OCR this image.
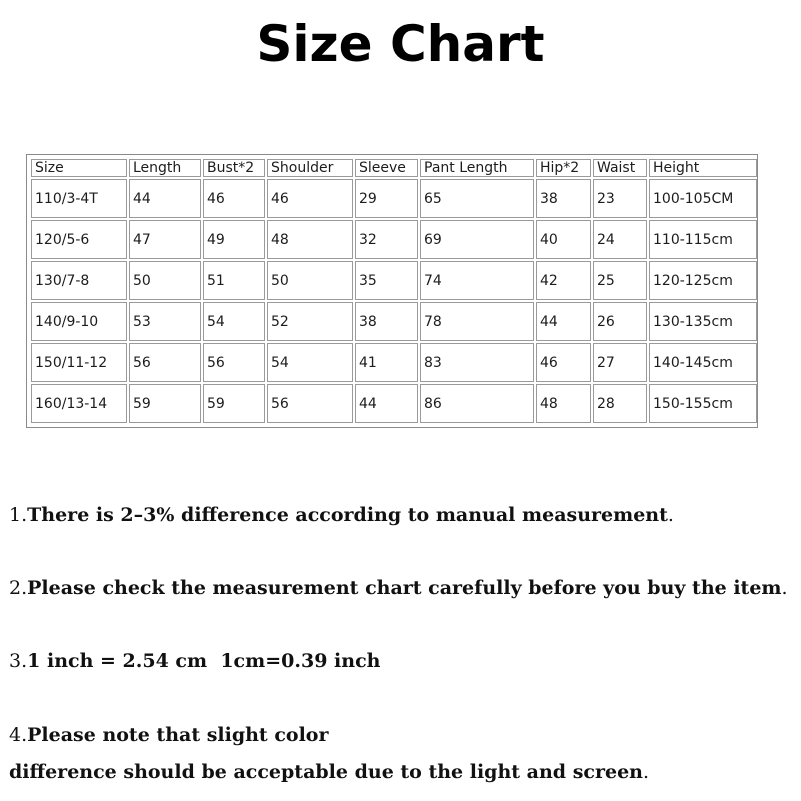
Size Chart
Size	Length	Bust*2	Shoulder	Sleeve	Pant Length	Hip*2	Waist	Height
110/3-4T	44	46	46	29	65	38	23	100-105CM
120/5-6	47	49	48	32	69	40	24	110-115cm
130/7-8	50	51	50	35	74	42	25	120-125cm
140/9-10	53	54	52	38	78	44	26	130-135cm
150/11-12	56	56	54	41	83	46	27	140-145cm
160/13-14	59	59	56	44	86	48	28	150-155cm
1.There is 2–3% difference according to manual measurement.
2.Please check the measurement chart carefully before you buy the item.
3.1 inch = 2.54 cm  1cm=0.39 inch
4.Please note that slight color
difference should be acceptable due to the light and screen.
